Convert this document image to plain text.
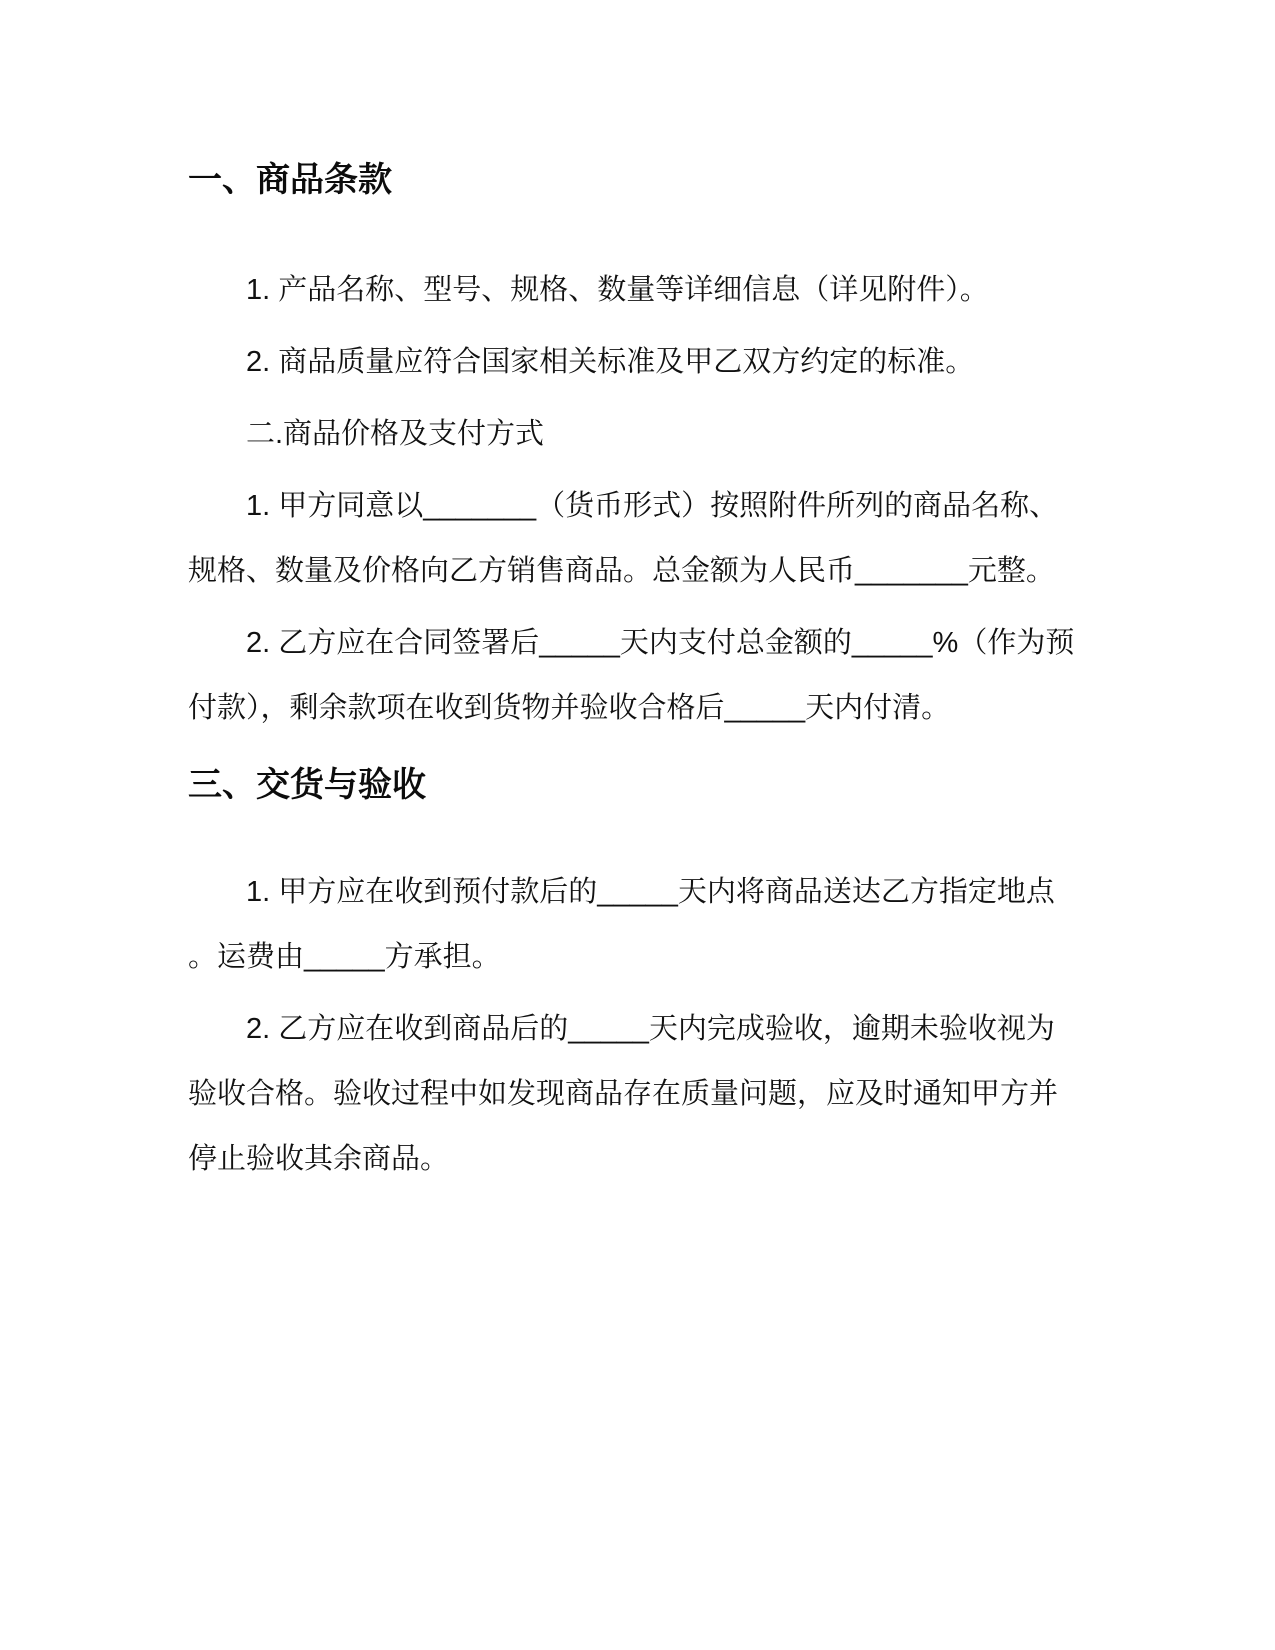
一、商品条款
1. 产品名称、型号、规格、数量等详细信息（详见附件）。
2. 商品质量应符合国家相关标准及甲乙双方约定的标准。
二.商品价格及支付方式
1. 甲方同意以_______（货币形式）按照附件所列的商品名称、
规格、数量及价格向乙方销售商品。总金额为人民币_______元整。
2. 乙方应在合同签署后_____天内支付总金额的_____%（作为预
付款），剩余款项在收到货物并验收合格后_____天内付清。
三、交货与验收
1. 甲方应在收到预付款后的_____天内将商品送达乙方指定地点
。运费由_____方承担。
2. 乙方应在收到商品后的_____天内完成验收，逾期未验收视为
验收合格。验收过程中如发现商品存在质量问题，应及时通知甲方并
停止验收其余商品。
